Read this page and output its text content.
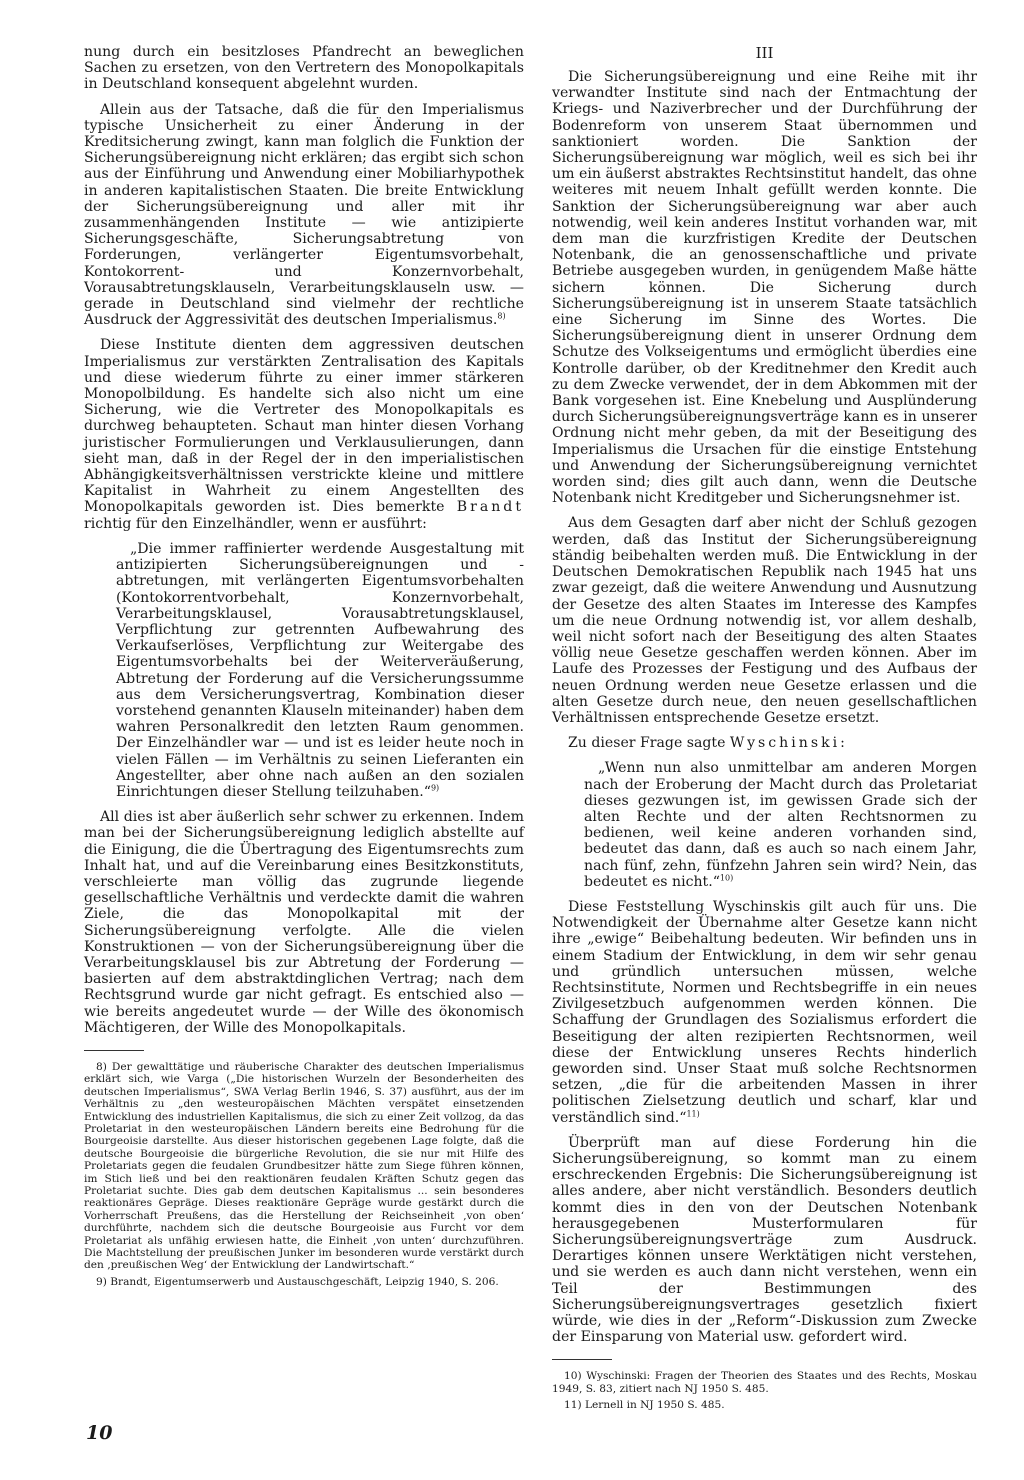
nung durch ein besitzloses Pfandrecht an beweglichen Sachen zu ersetzen, von den Vertretern des Monopolkapitals in Deutschland konsequent abgelehnt wurden.

Allein aus der Tatsache, daß die für den Imperialismus typische Unsicherheit zu einer Änderung in der Kreditsicherung zwingt, kann man folglich die Funktion der Sicherungsübereignung nicht erklären; das ergibt sich schon aus der Einführung und Anwendung einer Mobiliarhypothek in anderen kapitalistischen Staaten. Die breite Entwicklung der Sicherungsübereignung und aller mit ihr zusammenhängenden Institute — wie antizipierte Sicherungsgeschäfte, Sicherungsabtretung von Forderungen, verlängerter Eigentumsvorbehalt, Kontokorrent- und Konzernvorbehalt, Vorausabtretungsklauseln, Verarbeitungsklauseln usw. — gerade in Deutschland sind vielmehr der rechtliche Ausdruck der Aggressivität des deutschen Imperialismus.$^{8)}$

Diese Institute dienten dem aggressiven deutschen Imperialismus zur verstärkten Zentralisation des Kapitals und diese wiederum führte zu einer immer stärkeren Monopolbildung. Es handelte sich also nicht um eine Sicherung, wie die Vertreter des Monopolkapitals es durchweg behaupteten. Schaut man hinter diesen Vorhang juristischer Formulierungen und Verklausulierungen, dann sieht man, daß in der Regel der in den imperialistischen Abhängigkeitsverhältnissen verstrickte kleine und mittlere Kapitalist in Wahrheit zu einem Angestellten des Monopolkapitals geworden ist. Dies bemerkte Brandt richtig für den Einzelhändler, wenn er ausführt:

„Die immer raffinierter werdende Ausgestaltung mit antizipierten Sicherungsübereignungen und -abtretungen, mit verlängerten Eigentumsvorbehalten (Kontokorrentvorbehalt, Konzernvorbehalt, Verarbeitungsklausel, Vorausabtretungsklausel, Verpflichtung zur getrennten Aufbewahrung des Verkaufserlöses, Verpflichtung zur Weitergabe des Eigentumsvorbehalts bei der Weiterveräußerung, Abtretung der Forderung auf die Versicherungssumme aus dem Versicherungsvertrag, Kombination dieser vorstehend genannten Klauseln miteinander) haben dem wahren Personalkredit den letzten Raum genommen. Der Einzelhändler war — und ist es leider heute noch in vielen Fällen — im Verhältnis zu seinen Lieferanten ein Angestellter, aber ohne nach außen an den sozialen Einrichtungen dieser Stellung teilzuhaben.“$^{9)}$

All dies ist aber äußerlich sehr schwer zu erkennen. Indem man bei der Sicherungsübereignung lediglich abstellte auf die Einigung, die die Übertragung des Eigentumsrechts zum Inhalt hat, und auf die Vereinbarung eines Besitzkonstituts, verschleierte man völlig das zugrunde liegende gesellschaftliche Verhältnis und verdeckte damit die wahren Ziele, die das Monopolkapital mit der Sicherungsübereignung verfolgte. Alle die vielen Konstruktionen — von der Sicherungsübereignung über die Verarbeitungsklausel bis zur Abtretung der Forderung — basierten auf dem abstraktdinglichen Vertrag; nach dem Rechtsgrund wurde gar nicht gefragt. Es entschied also — wie bereits angedeutet wurde — der Wille des ökonomisch Mächtigeren, der Wille des Monopolkapitals.

8) Der gewalttätige und räuberische Charakter des deutschen Imperialismus erklärt sich, wie Varga („Die historischen Wurzeln der Besonderheiten des deutschen Imperialismus“, SWA Verlag Berlin 1946, S. 37) ausführt, aus der im Verhältnis zu „den westeuropäischen Mächten verspätet einsetzenden Entwicklung des industriellen Kapitalismus, die sich zu einer Zeit vollzog, da das Proletariat in den westeuropäischen Ländern bereits eine Bedrohung für die Bourgeoisie darstellte. Aus dieser historischen gegebenen Lage folgte, daß die deutsche Bourgeoisie die bürgerliche Revolution, die sie nur mit Hilfe des Proletariats gegen die feudalen Grundbesitzer hätte zum Siege führen können, im Stich ließ und bei den reaktionären feudalen Kräften Schutz gegen das Proletariat suchte. Dies gab dem deutschen Kapitalismus ... sein besonderes reaktionäres Gepräge. Dieses reaktionäre Gepräge wurde gestärkt durch die Vorherrschaft Preußens, das die Herstellung der Reichseinheit ‚von oben‘ durchführte, nachdem sich die deutsche Bourgeoisie aus Furcht vor dem Proletariat als unfähig erwiesen hatte, die Einheit ‚von unten‘ durchzuführen. Die Machtstellung der preußischen Junker im besonderen wurde verstärkt durch den ‚preußischen Weg‘ der Entwicklung der Landwirtschaft.“

9) Brandt, Eigentumserwerb und Austauschgeschäft, Leipzig 1940, S. 206.

III

Die Sicherungsübereignung und eine Reihe mit ihr verwandter Institute sind nach der Entmachtung der Kriegs- und Naziverbrecher und der Durchführung der Bodenreform von unserem Staat übernommen und sanktioniert worden. Die Sanktion der Sicherungsübereignung war möglich, weil es sich bei ihr um ein äußerst abstraktes Rechtsinstitut handelt, das ohne weiteres mit neuem Inhalt gefüllt werden konnte. Die Sanktion der Sicherungsübereignung war aber auch notwendig, weil kein anderes Institut vorhanden war, mit dem man die kurzfristigen Kredite der Deutschen Notenbank, die an genossenschaftliche und private Betriebe ausgegeben wurden, in genügendem Maße hätte sichern können. Die Sicherung durch Sicherungsübereignung ist in unserem Staate tatsächlich eine Sicherung im Sinne des Wortes. Die Sicherungsübereignung dient in unserer Ordnung dem Schutze des Volkseigentums und ermöglicht überdies eine Kontrolle darüber, ob der Kreditnehmer den Kredit auch zu dem Zwecke verwendet, der in dem Abkommen mit der Bank vorgesehen ist. Eine Knebelung und Ausplünderung durch Sicherungsübereignungsverträge kann es in unserer Ordnung nicht mehr geben, da mit der Beseitigung des Imperialismus die Ursachen für die einstige Entstehung und Anwendung der Sicherungsübereignung vernichtet worden sind; dies gilt auch dann, wenn die Deutsche Notenbank nicht Kreditgeber und Sicherungsnehmer ist.

Aus dem Gesagten darf aber nicht der Schluß gezogen werden, daß das Institut der Sicherungsübereignung ständig beibehalten werden muß. Die Entwicklung in der Deutschen Demokratischen Republik nach 1945 hat uns zwar gezeigt, daß die weitere Anwendung und Ausnutzung der Gesetze des alten Staates im Interesse des Kampfes um die neue Ordnung notwendig ist, vor allem deshalb, weil nicht sofort nach der Beseitigung des alten Staates völlig neue Gesetze geschaffen werden können. Aber im Laufe des Prozesses der Festigung und des Aufbaus der neuen Ordnung werden neue Gesetze erlassen und die alten Gesetze durch neue, den neuen gesellschaftlichen Verhältnissen entsprechende Gesetze ersetzt.

Zu dieser Frage sagte Wyschinski:

„Wenn nun also unmittelbar am anderen Morgen nach der Eroberung der Macht durch das Proletariat dieses gezwungen ist, im gewissen Grade sich der alten Rechte und der alten Rechtsnormen zu bedienen, weil keine anderen vorhanden sind, bedeutet das dann, daß es auch so nach einem Jahr, nach fünf, zehn, fünfzehn Jahren sein wird? Nein, das bedeutet es nicht.“$^{10)}$

Diese Feststellung Wyschinskis gilt auch für uns. Die Notwendigkeit der Übernahme alter Gesetze kann nicht ihre „ewige“ Beibehaltung bedeuten. Wir befinden uns in einem Stadium der Entwicklung, in dem wir sehr genau und gründlich untersuchen müssen, welche Rechtsinstitute, Normen und Rechtsbegriffe in ein neues Zivilgesetzbuch aufgenommen werden können. Die Schaffung der Grundlagen des Sozialismus erfordert die Beseitigung der alten rezipierten Rechtsnormen, weil diese der Entwicklung unseres Rechts hinderlich geworden sind. Unser Staat muß solche Rechtsnormen setzen, „die für die arbeitenden Massen in ihrer politischen Zielsetzung deutlich und scharf, klar und verständlich sind.“$^{11)}$

Überprüft man auf diese Forderung hin die Sicherungsübereignung, so kommt man zu einem erschreckenden Ergebnis: Die Sicherungsübereignung ist alles andere, aber nicht verständlich. Besonders deutlich kommt dies in den von der Deutschen Notenbank herausgegebenen Musterformularen für Sicherungsübereignungsverträge zum Ausdruck. Derartiges können unsere Werktätigen nicht verstehen, und sie werden es auch dann nicht verstehen, wenn ein Teil der Bestimmungen des Sicherungsübereignungsvertrages gesetzlich fixiert würde, wie dies in der „Reform“-Diskussion zum Zwecke der Einsparung von Material usw. gefordert wird.

10) Wyschinski: Fragen der Theorien des Staates und des Rechts, Moskau 1949, S. 83, zitiert nach NJ 1950 S. 485.

11) Lernell in NJ 1950 S. 485.

10
